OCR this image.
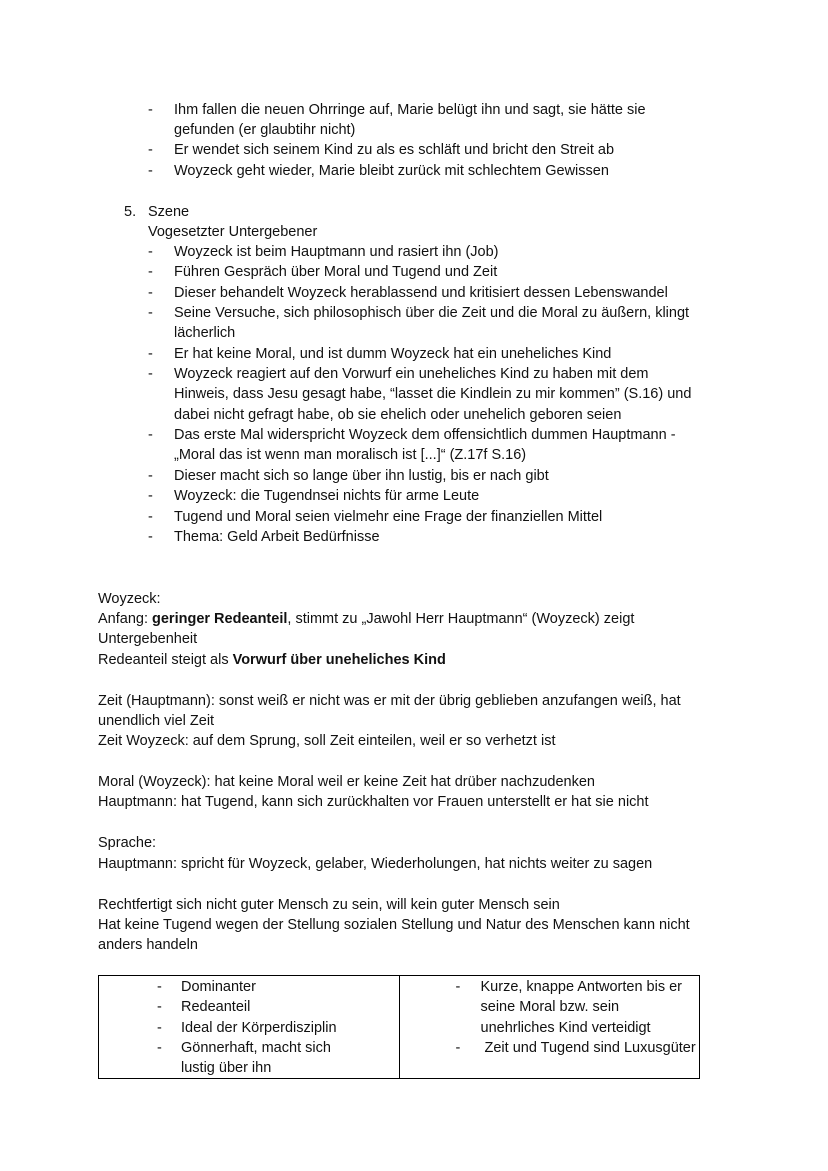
- Ihm fallen die neuen Ohrringe auf, Marie belügt ihn und sagt, sie hätte sie
gefunden (er glaubtihr nicht)
- Er wendet sich seinem Kind zu als es schläft und bricht den Streit ab
- Woyzeck geht wieder, Marie bleibt zurück mit schlechtem Gewissen
5. Szene
Vogesetzter Untergebener
- Woyzeck ist beim Hauptmann und rasiert ihn (Job)
- Führen Gespräch über Moral und Tugend und Zeit
- Dieser behandelt Woyzeck herablassend und kritisiert dessen Lebenswandel
- Seine Versuche, sich philosophisch über die Zeit und die Moral zu äußern, klingt
lächerlich
- Er hat keine Moral, und ist dumm Woyzeck hat ein uneheliches Kind
- Woyzeck reagiert auf den Vorwurf ein uneheliches Kind zu haben mit dem
Hinweis, dass Jesu gesagt habe, “lasset die Kindlein zu mir kommen” (S.16) und
dabei nicht gefragt habe, ob sie ehelich oder unehelich geboren seien
- Das erste Mal widerspricht Woyzeck dem offensichtlich dummen Hauptmann -
„Moral das ist wenn man moralisch ist [...]“ (Z.17f S.16)
- Dieser macht sich so lange über ihn lustig, bis er nach gibt
- Woyzeck: die Tugendnsei nichts für arme Leute
- Tugend und Moral seien vielmehr eine Frage der finanziellen Mittel
- Thema: Geld Arbeit Bedürfnisse
Woyzeck:
Anfang: geringer Redeanteil, stimmt zu „Jawohl Herr Hauptmann“ (Woyzeck) zeigt
Untergebenheit
Redeanteil steigt als Vorwurf über uneheliches Kind
Zeit (Hauptmann): sonst weiß er nicht was er mit der übrig geblieben anzufangen weiß, hat
unendlich viel Zeit
Zeit Woyzeck: auf dem Sprung, soll Zeit einteilen, weil er so verhetzt ist
Moral (Woyzeck): hat keine Moral weil er keine Zeit hat drüber nachzudenken
Hauptmann: hat Tugend, kann sich zurückhalten vor Frauen unterstellt er hat sie nicht
Sprache:
Hauptmann: spricht für Woyzeck, gelaber, Wiederholungen, hat nichts weiter zu sagen
Rechtfertigt sich nicht guter Mensch zu sein, will kein guter Mensch sein
Hat keine Tugend wegen der Stellung sozialen Stellung und Natur des Menschen kann nicht
anders handeln
- Dominanter
- Redeanteil
- Ideal der Körperdisziplin
- Gönnerhaft, macht sich
lustig über ihn

- Kurze, knappe Antworten bis er
seine Moral bzw. sein
unehrliches Kind verteidigt
- Zeit und Tugend sind Luxusgüter
